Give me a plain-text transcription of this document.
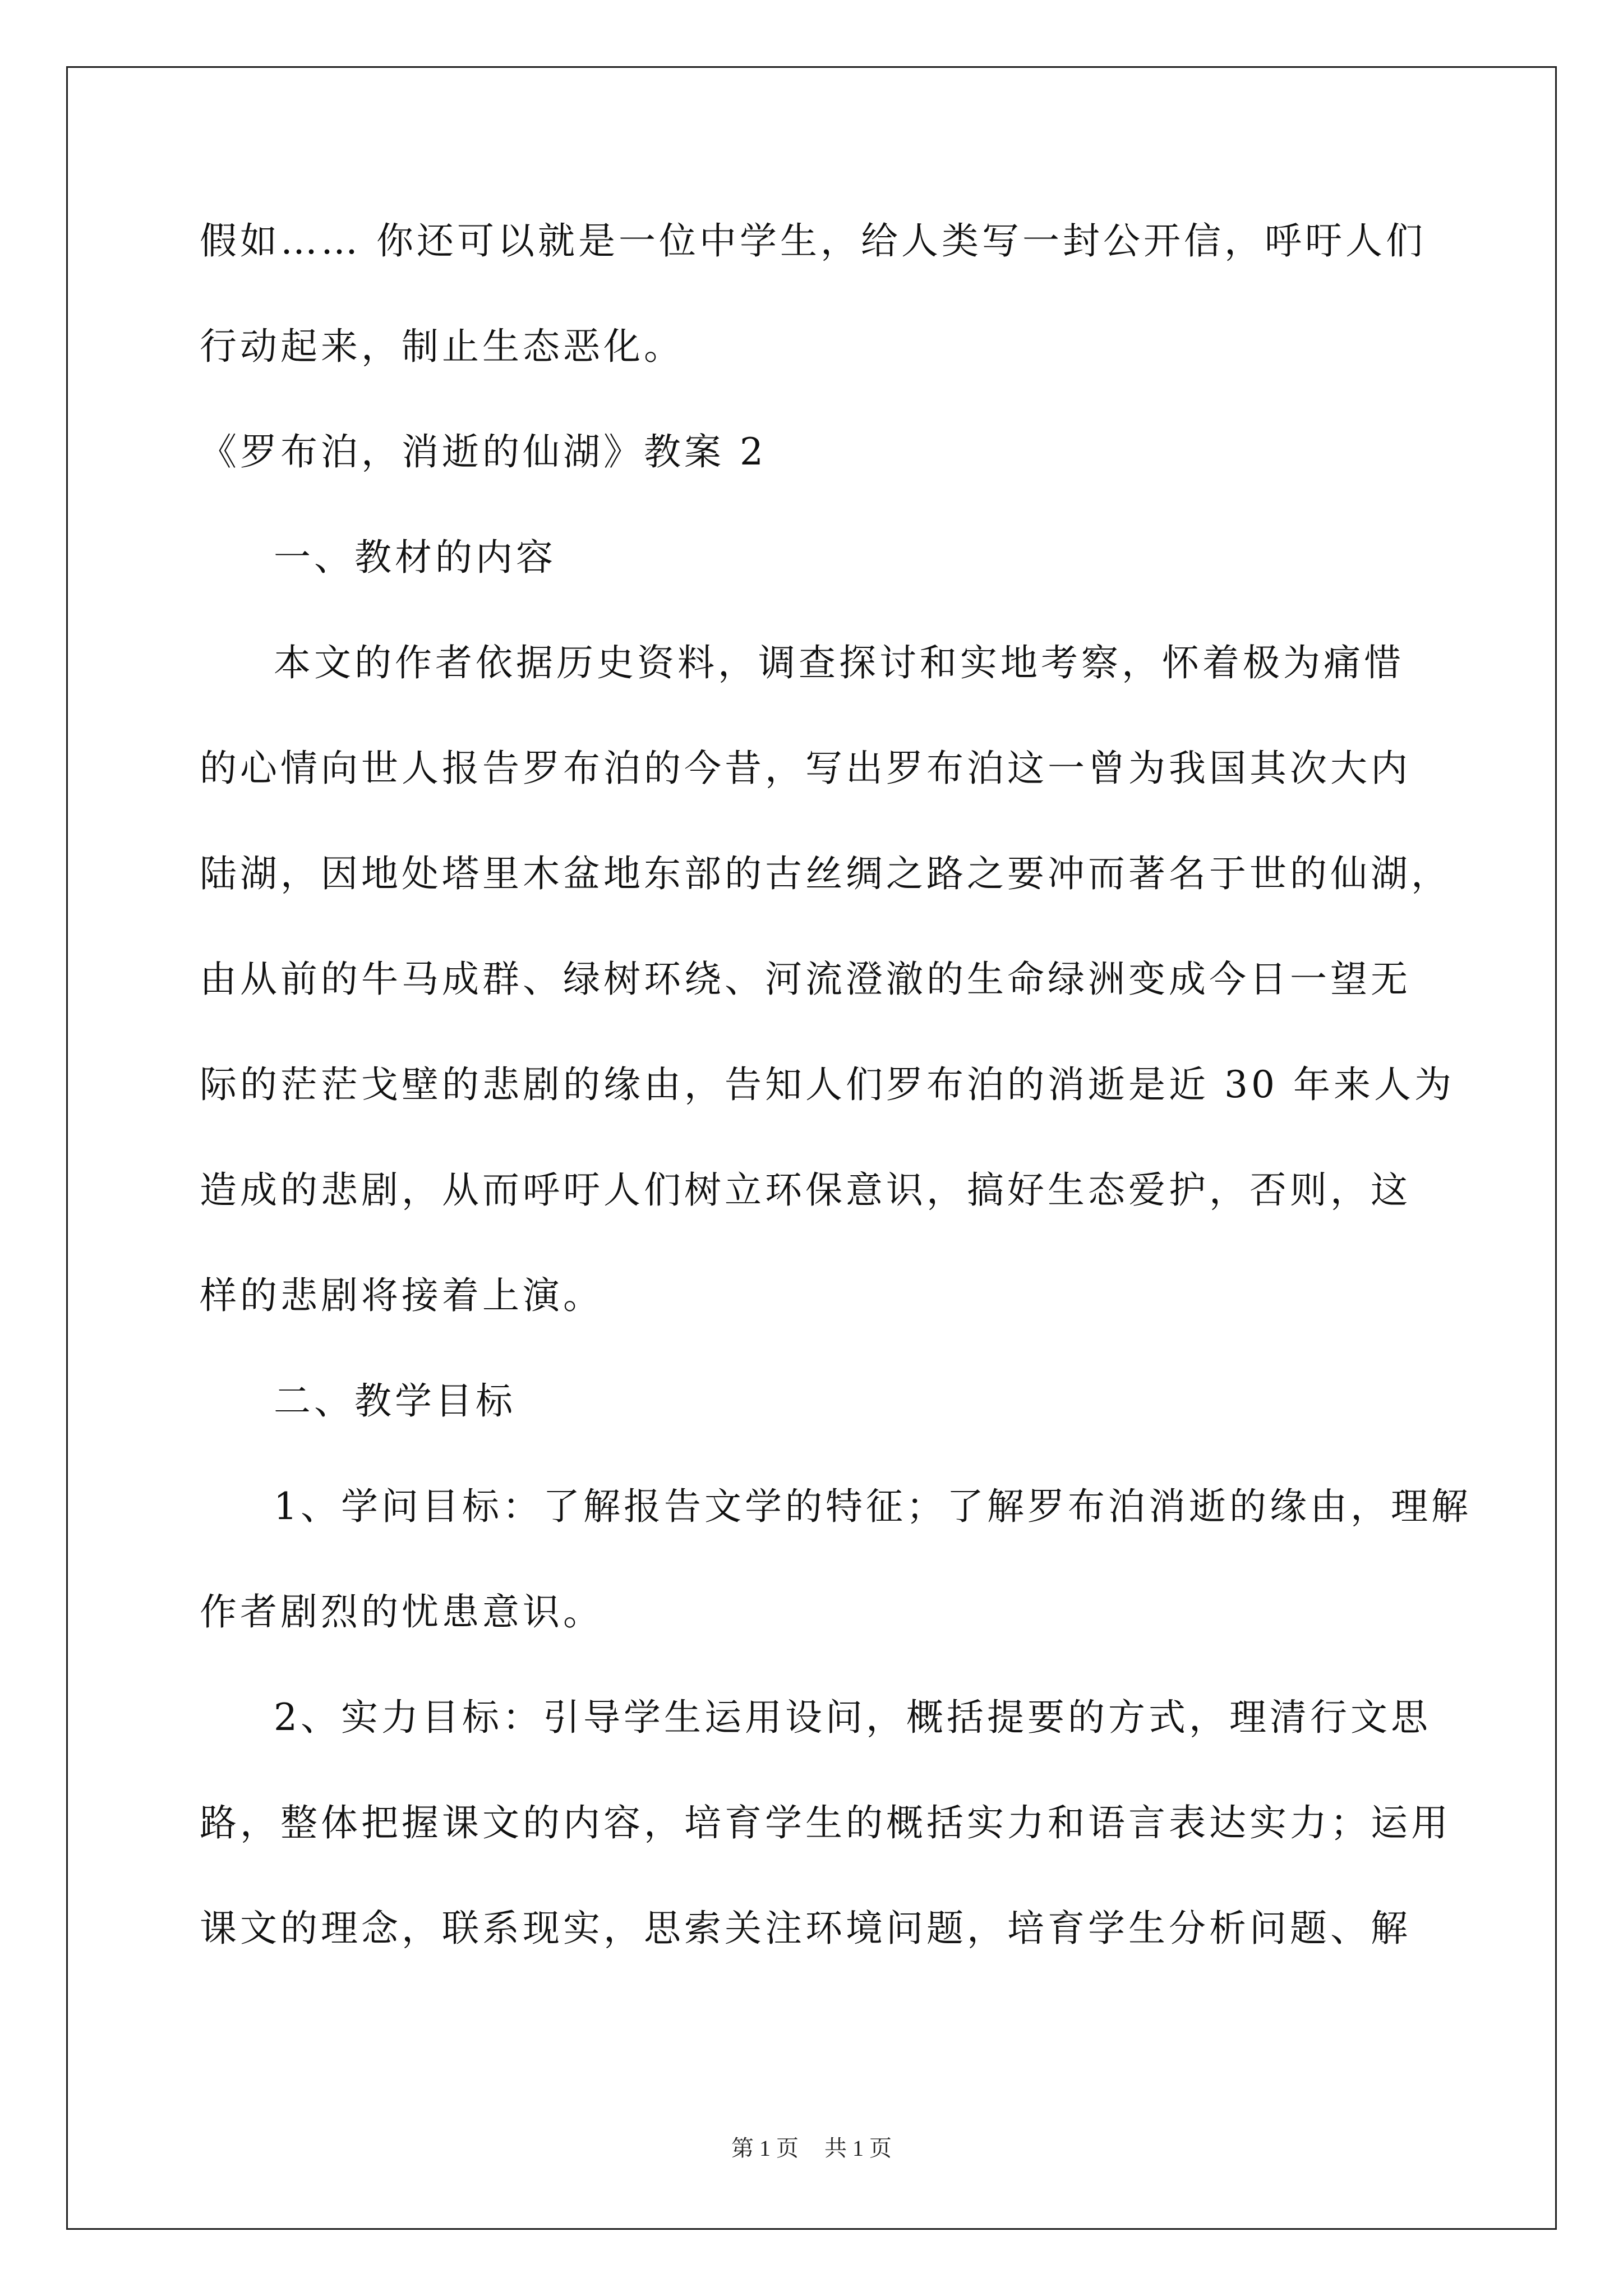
假如…… 你还可以就是一位中学生，给人类写一封公开信，呼吁人们
行动起来，制止生态恶化。
《罗布泊，消逝的仙湖》教案 2
一、教材的内容
本文的作者依据历史资料，调查探讨和实地考察，怀着极为痛惜
的心情向世人报告罗布泊的今昔，写出罗布泊这一曾为我国其次大内
陆湖，因地处塔里木盆地东部的古丝绸之路之要冲而著名于世的仙湖，
由从前的牛马成群、绿树环绕、河流澄澈的生命绿洲变成今日一望无
际的茫茫戈壁的悲剧的缘由，告知人们罗布泊的消逝是近 30 年来人为
造成的悲剧，从而呼吁人们树立环保意识，搞好生态爱护，否则，这
样的悲剧将接着上演。
二、教学目标
1、学问目标：了解报告文学的特征；了解罗布泊消逝的缘由，理解
作者剧烈的忧患意识。
2、实力目标：引导学生运用设问，概括提要的方式，理清行文思
路，整体把握课文的内容，培育学生的概括实力和语言表达实力；运用
课文的理念，联系现实，思索关注环境问题，培育学生分析问题、解
第 1 页 共 1 页
